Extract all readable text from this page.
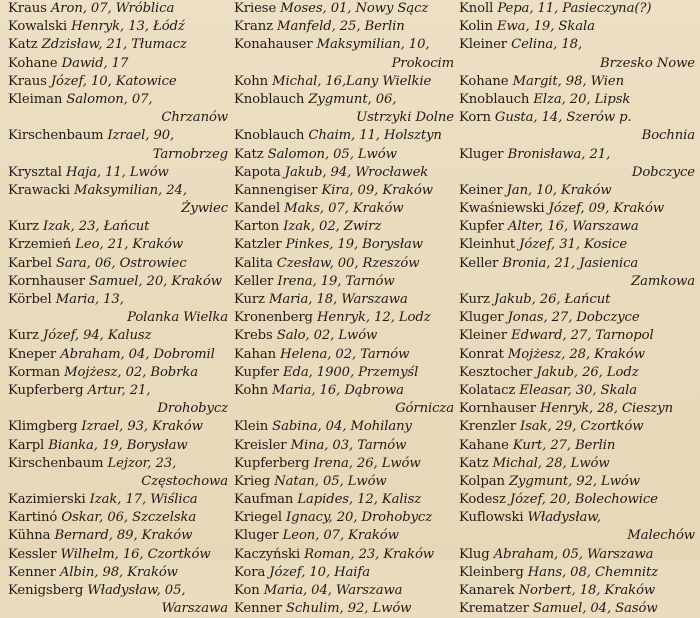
Kraus Aron, 07, Wróblica
Kowalski Henryk, 13, Łódź
Katz Zdzisław, 21, Tłumacz
Kohane Dawid, 17
Kraus Józef, 10, Katowice
Kleiman Salomon, 07,
Chrzanów
Kirschenbaum Izrael, 90,
Tarnobrzeg
Krysztal Haja, 11, Lwów
Krawacki Maksymilian, 24,
Żywiec
Kurz Izak, 23, Łańcut
Krzemień Leo, 21, Kraków
Karbel Sara, 06, Ostrowiec
Kornhauser Samuel, 20, Kraków
Körbel Maria, 13,
Polanka Wielka
Kurz Józef, 94, Kalusz
Kneper Abraham, 04, Dobromil
Korman Mojżesz, 02, Bobrka
Kupferberg Artur, 21,
Drohobycz
Klimgberg Izrael, 93, Kraków
Karpl Bianka, 19, Borysław
Kirschenbaum Lejzor, 23,
Częstochowa
Kazimierski Izak, 17, Wiślica
Kartinó Oskar, 06, Szczelska
Kühna Bernard, 89, Kraków
Kessler Wilhelm, 16, Czortków
Kenner Albin, 98, Kraków
Kenigsberg Władysław, 05,
Warszawa
Kriese Moses, 01, Nowy Sącz
Kranz Manfeld, 25, Berlin
Konahauser Maksymilian, 10,
Prokocim
Kohn Michal, 16,Lany Wielkie
Knoblauch Zygmunt, 06,
Ustrzyki Dolne
Knoblauch Chaim, 11, Holsztyn
Katz Salomon, 05, Lwów
Kapota Jakub, 94, Wrocławek
Kannengiser Kira, 09, Kraków
Kandel Maks, 07, Kraków
Karton Izak, 02, Zwirz
Katzler Pinkes, 19, Borysław
Kalita Czesław, 00, Rzeszów
Keller Irena, 19, Tarnów
Kurz Maria, 18, Warszawa
Kronenberg Henryk, 12, Lodz
Krebs Salo, 02, Lwów
Kahan Helena, 02, Tarnów
Kupfer Eda, 1900, Przemyśl
Kohn Maria, 16, Dąbrowa
Górnicza
Klein Sabina, 04, Mohilany
Kreisler Mina, 03, Tarnów
Kupferberg Irena, 26, Lwów
Krieg Natan, 05, Lwów
Kaufman Lapides, 12, Kalisz
Kriegel Ignacy, 20, Drohobycz
Kluger Leon, 07, Kraków
Kaczyński Roman, 23, Kraków
Kora Józef, 10, Haifa
Kon Maria, 04, Warszawa
Kenner Schulim, 92, Lwów
Knoll Pepa, 11, Pasieczyna(?)
Kolin Ewa, 19, Skala
Kleiner Celina, 18,
Brzesko Nowe
Kohane Margit, 98, Wien
Knoblauch Elza, 20, Lipsk
Korn Gusta, 14, Szerów p.
Bochnia
Kluger Bronisława, 21,
Dobczyce
Keiner Jan, 10, Kraków
Kwaśniewski Józef, 09, Kraków
Kupfer Alter, 16, Warszawa
Kleinhut Józef, 31, Kosice
Keller Bronia, 21, Jasienica
Zamkowa
Kurz Jakub, 26, Łańcut
Kluger Jonas, 27, Dobczyce
Kleiner Edward, 27, Tarnopol
Konrat Mojżesz, 28, Kraków
Kesztocher Jakub, 26, Lodz
Kolatacz Eleasar, 30, Skala
Kornhauser Henryk, 28, Cieszyn
Krenzler Isak, 29, Czortków
Kahane Kurt, 27, Berlin
Katz Michal, 28, Lwów
Kolpan Zygmunt, 92, Lwów
Kodesz Józef, 20, Bolechowice
Kuflowski Władysław,
Malechów
Klug Abraham, 05, Warszawa
Kleinberg Hans, 08, Chemnitz
Kanarek Norbert, 18, Kraków
Krematzer Samuel, 04, Sasów
